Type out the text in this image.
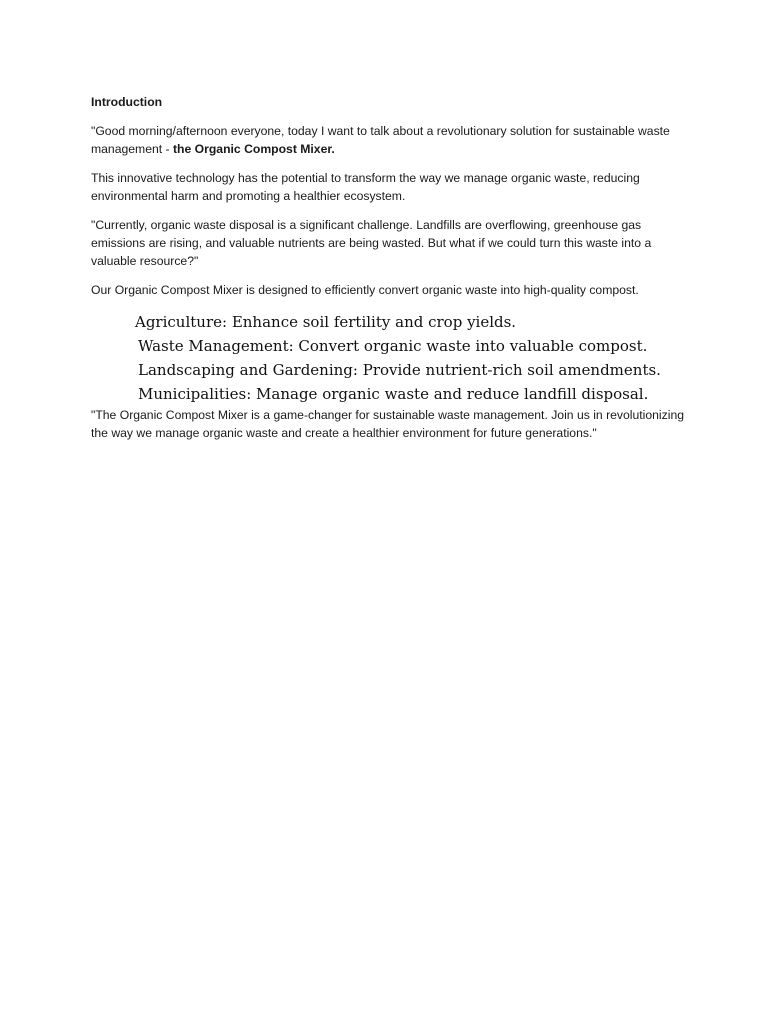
Introduction

"Good morning/afternoon everyone, today I want to talk about a revolutionary solution for sustainable waste management - the Organic Compost Mixer.

This innovative technology has the potential to transform the way we manage organic waste, reducing environmental harm and promoting a healthier ecosystem.

"Currently, organic waste disposal is a significant challenge. Landfills are overflowing, greenhouse gas emissions are rising, and valuable nutrients are being wasted. But what if we could turn this waste into a valuable resource?"

Our Organic Compost Mixer is designed to efficiently convert organic waste into high-quality compost.

Agriculture: Enhance soil fertility and crop yields.
Waste Management: Convert organic waste into valuable compost.
Landscaping and Gardening: Provide nutrient-rich soil amendments.
Municipalities: Manage organic waste and reduce landfill disposal.

"The Organic Compost Mixer is a game-changer for sustainable waste management. Join us in revolutionizing the way we manage organic waste and create a healthier environment for future generations."
